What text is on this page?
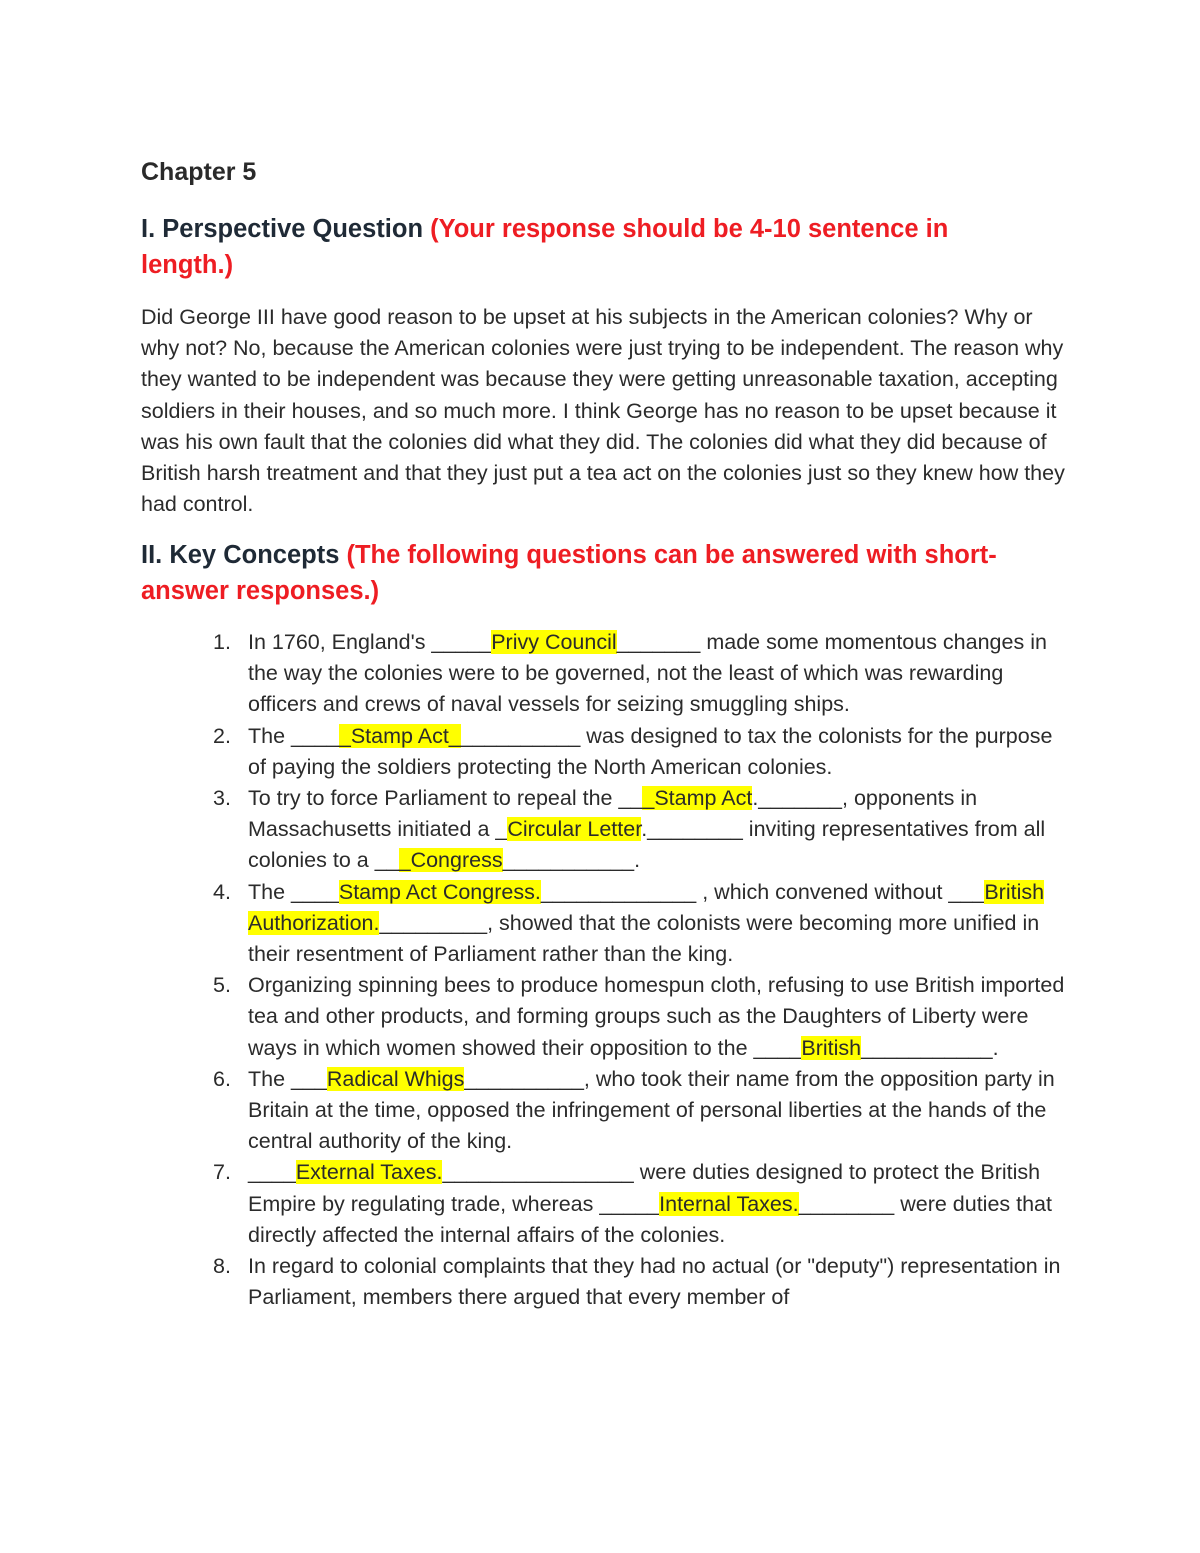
Chapter 5
I. Perspective Question (Your response should be 4-10 sentence in length.)

Did George III have good reason to be upset at his subjects in the American colonies? Why or why not? No, because the American colonies were just trying to be independent. The reason why they wanted to be independent was because they were getting unreasonable taxation, accepting soldiers in their houses, and so much more. I think George has no reason to be upset because it was his own fault that the colonies did what they did. The colonies did what they did because of British harsh treatment and that they just put a tea act on the colonies just so they knew how they had control.

II. Key Concepts (The following questions can be answered with short-answer responses.)
1. In 1760, England's _____Privy Council_______ made some momentous changes in the way the colonies were to be governed, not the least of which was rewarding officers and crews of naval vessels for seizing smuggling ships.
2. The _____Stamp Act___________ was designed to tax the colonists for the purpose of paying the soldiers protecting the North American colonies.
3. To try to force Parliament to repeal the ___Stamp Act._______, opponents in Massachusetts initiated a _Circular Letter.________ inviting representatives from all colonies to a ___Congress___________.
4. The ____Stamp Act Congress._____________ , which convened without ___British Authorization._________, showed that the colonists were becoming more unified in their resentment of Parliament rather than the king.
5. Organizing spinning bees to produce homespun cloth, refusing to use British imported tea and other products, and forming groups such as the Daughters of Liberty were ways in which women showed their opposition to the ____British___________.
6. The ___Radical Whigs__________, who took their name from the opposition party in Britain at the time, opposed the infringement of personal liberties at the hands of the central authority of the king.
7. ____External Taxes.________________ were duties designed to protect the British Empire by regulating trade, whereas _____Internal Taxes.________ were duties that directly affected the internal affairs of the colonies.
8. In regard to colonial complaints that they had no actual (or "deputy") representation in Parliament, members there argued that every member of
